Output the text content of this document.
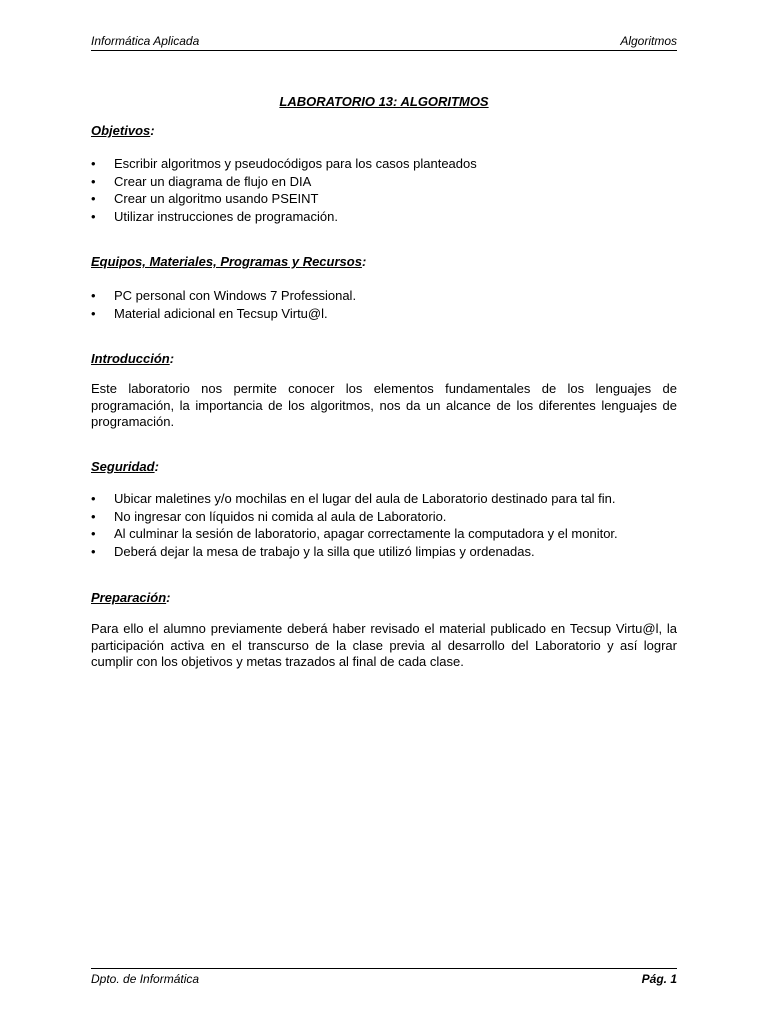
Informática Aplicada	Algoritmos
LABORATORIO 13: ALGORITMOS
Objetivos:
• Escribir algoritmos y pseudocódigos para los casos planteados
• Crear un diagrama de flujo en DIA
• Crear un algoritmo usando PSEINT
• Utilizar instrucciones de programación.
Equipos, Materiales, Programas y Recursos:
• PC personal con Windows 7 Professional.
• Material adicional en Tecsup Virtu@l.
Introducción:

Este laboratorio nos permite conocer los elementos fundamentales de los lenguajes de programación, la importancia de los algoritmos, nos da un alcance de los diferentes lenguajes de programación.

Seguridad:
• Ubicar maletines y/o mochilas en el lugar del aula de Laboratorio destinado para tal fin.
• No ingresar con líquidos ni comida al aula de Laboratorio.
• Al culminar la sesión de laboratorio, apagar correctamente la computadora y el monitor.
• Deberá dejar la mesa de trabajo y la silla que utilizó limpias y ordenadas.
Preparación:

Para ello el alumno previamente deberá haber revisado el material publicado en Tecsup Virtu@l, la participación activa en el transcurso de la clase previa al desarrollo del Laboratorio y así lograr cumplir con los objetivos y metas trazados al final de cada clase.

Dpto. de Informática	Pág. 1
